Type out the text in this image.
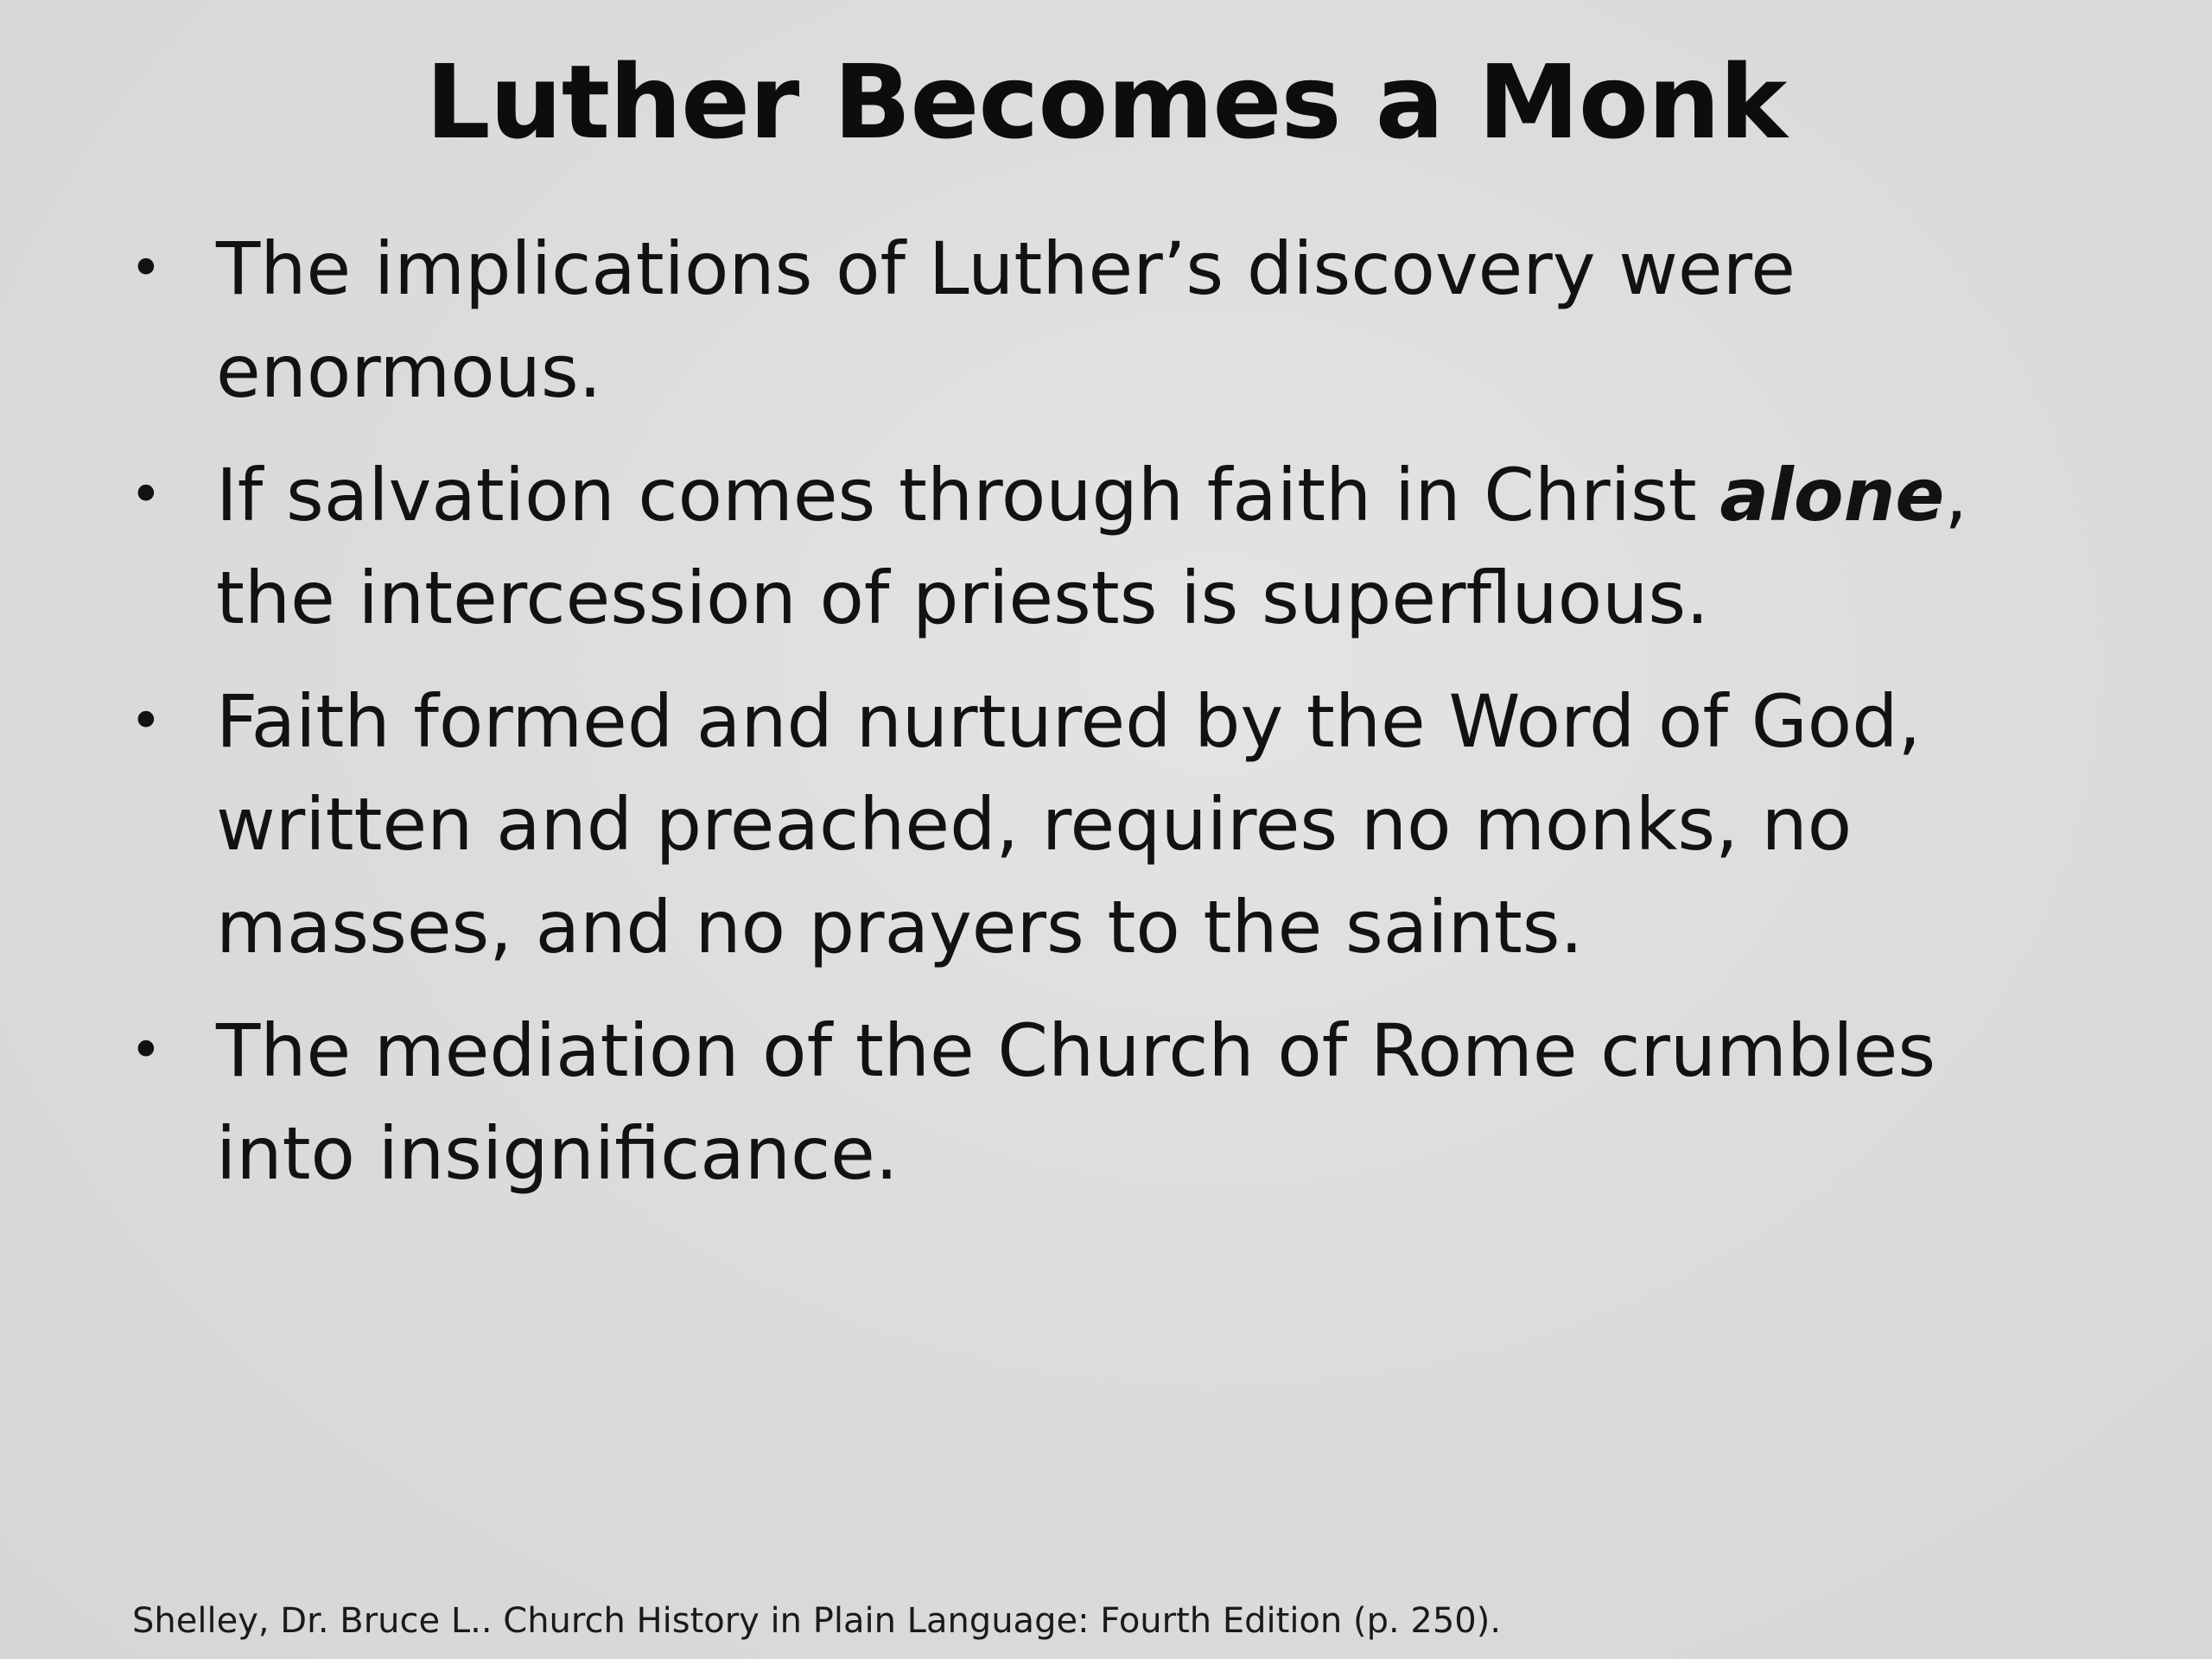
Luther Becomes a Monk
• The implications of Luther’s discovery were enormous.
• If salvation comes through faith in Christ alone, the intercession of priests is superfluous.
• Faith formed and nurtured by the Word of God, written and preached, requires no monks, no masses, and no prayers to the saints.
• The mediation of the Church of Rome crumbles into insignificance.
Shelley, Dr. Bruce L.. Church History in Plain Language: Fourth Edition (p. 250).
